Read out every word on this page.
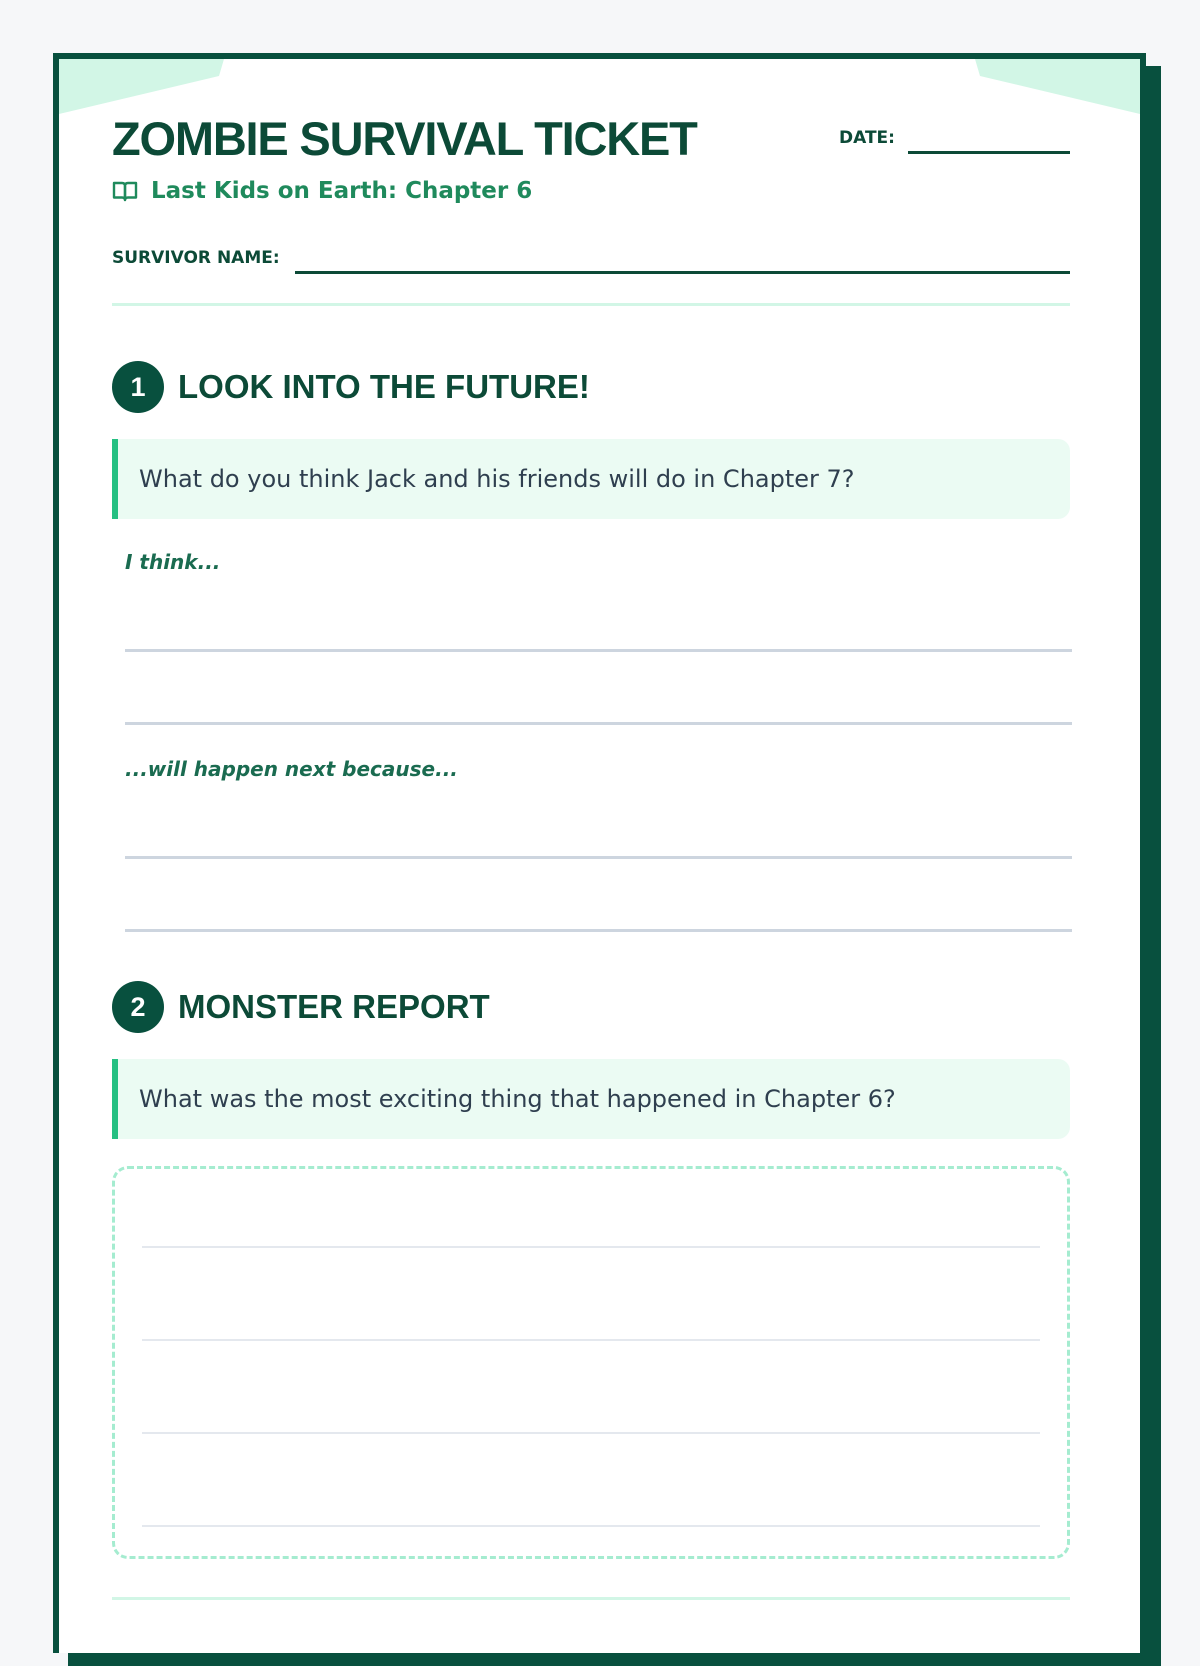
ZOMBIE SURVIVAL TICKET	DATE:
Last Kids on Earth: Chapter 6
SURVIVOR NAME:
1 LOOK INTO THE FUTURE!
What do you think Jack and his friends will do in Chapter 7?
I think...
...will happen next because...
2 MONSTER REPORT
What was the most exciting thing that happened in Chapter 6?
